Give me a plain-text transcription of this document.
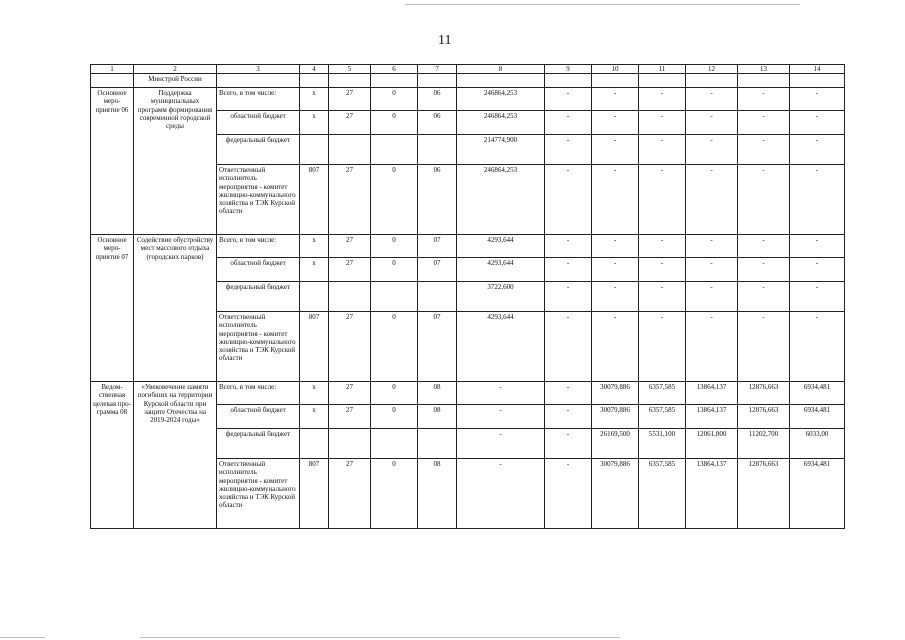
11
1	2	3	4	5	6	7	8	9	10	11	12	13	14
	Минстрой России												
Основное меро-приятие 06	Поддержка муниципальных программ формирования современной городской среды	Всего, в том числе:	x	27	0	06	246864,253	-	-	-	-	-	-
		областной бюджет	x	27	0	06	246864,253	-	-	-	-	-	-
		федеральный бюджет					214774,900	-	-	-	-	-	-
		Ответственный исполнитель мероприятия - комитет жилищно-коммунального хозяйства и ТЭК Курской области	807	27	0	06	246864,253	-	-	-	-	-	-
Основное меро-приятие 07	Содействие обустройству мест массового отдыха (городских парков)	Всего, в том числе:	x	27	0	07	4293,644	-	-	-	-	-	-
		областной бюджет	x	27	0	07	4293,644	-	-	-	-	-	-
		федеральный бюджет					3722,600	-	-	-	-	-	-
		Ответственный исполнитель мероприятия - комитет жилищно-коммунального хозяйства и ТЭК Курской области	807	27	0	07	4293,644	-	-	-	-	-	-
Ведом-ственная целевая про-грамма 08	«Увековечение памяти погибших на территории Курской области при защите Отечества на 2019-2024 годы»	Всего, в том числе:	x	27	0	08	-	-	30079,886	6357,585	13864,137	12876,663	6934,481
		областной бюджет	x	27	0	08	-	-	30079,886	6357,585	13864,137	12876,663	6934,481
		федеральный бюджет					-	-	26169,500	5531,100	12061,800	11202,700	6033,00
		Ответственный исполнитель мероприятия - комитет жилищно-коммунального хозяйства и ТЭК Курской области	807	27	0	08	-	-	30079,886	6357,585	13864,137	12876,663	6934,481
